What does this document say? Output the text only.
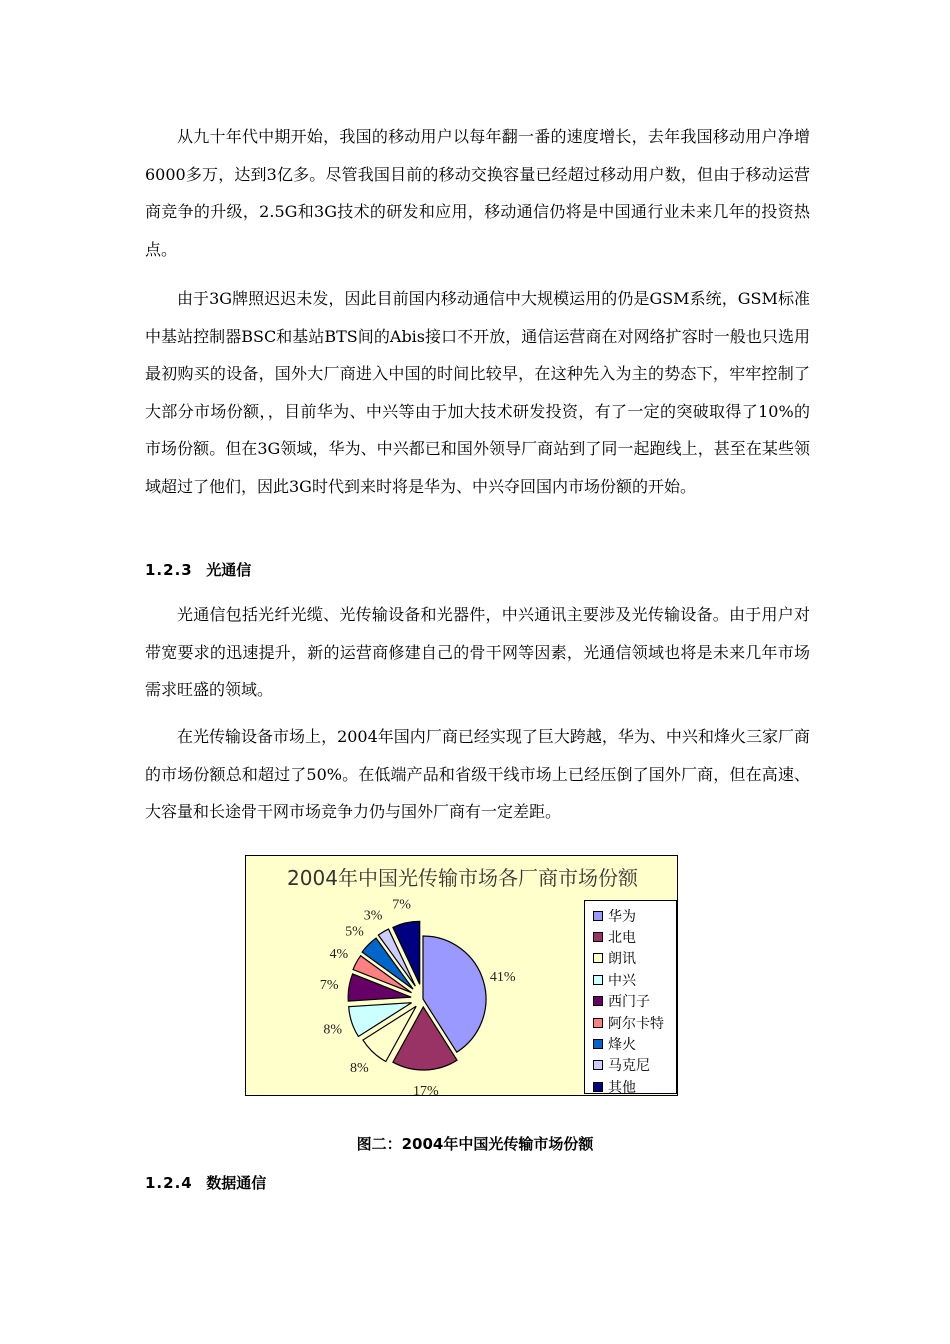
从九十年代中期开始，我国的移动用户以每年翻一番的速度增长，去年我国移动用户净增6000多万，达到3亿多。尽管我国目前的移动交换容量已经超过移动用户数，但由于移动运营商竞争的升级，2.5G和3G技术的研发和应用，移动通信仍将是中国通行业未来几年的投资热点。

由于3G牌照迟迟未发，因此目前国内移动通信中大规模运用的仍是GSM系统，GSM标准中基站控制器BSC和基站BTS间的Abis接口不开放，通信运营商在对网络扩容时一般也只选用最初购买的设备，国外大厂商进入中国的时间比较早，在这种先入为主的势态下，牢牢控制了大部分市场份额，，目前华为、中兴等由于加大技术研发投资，有了一定的突破取得了10%的市场份额。但在3G领域，华为、中兴都已和国外领导厂商站到了同一起跑线上，甚至在某些领域超过了他们，因此3G时代到来时将是华为、中兴夺回国内市场份额的开始。

1.2.3 光通信

光通信包括光纤光缆、光传输设备和光器件，中兴通讯主要涉及光传输设备。由于用户对带宽要求的迅速提升，新的运营商修建自己的骨干网等因素，光通信领域也将是未来几年市场需求旺盛的领域。

在光传输设备市场上，2004年国内厂商已经实现了巨大跨越，华为、中兴和烽火三家厂商的市场份额总和超过了50%。在低端产品和省级干线市场上已经压倒了国外厂商，但在高速、大容量和长途骨干网市场竞争力仍与国外厂商有一定差距。

2004年中国光传输市场各厂商市场份额
41%
17%
8%
8%
7%
4%
5%
3%
7%
华为
北电
朗讯
中兴
西门子
阿尔卡特
烽火
马克尼
其他
图二：2004年中国光传输市场份额
1.2.4 数据通信
